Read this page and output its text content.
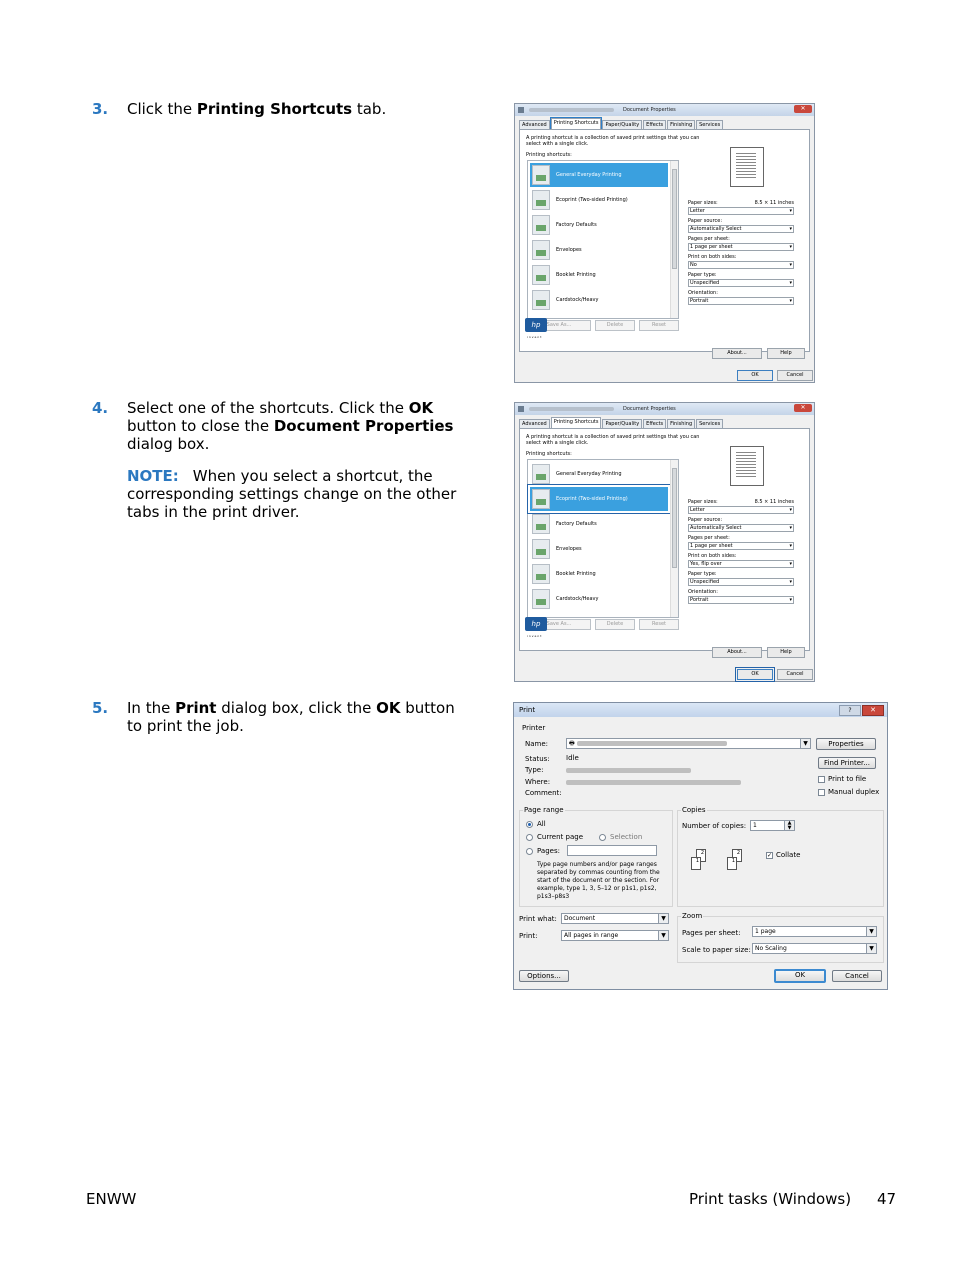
3. Click the Printing Shortcuts tab.
4. Select one of the shortcuts. Click the OK button to close the Document Properties dialog box.
NOTE: When you select a shortcut, the corresponding settings change on the other tabs in the print driver.
5. In the Print dialog box, click the OK button to print the job.
Document Properties	✕
Advanced	Printing Shortcuts	Paper/Quality	Effects	Finishing	Services
A printing shortcut is a collection of saved print settings that you can select with a single click.
Printing shortcuts:
General Everyday Printing
Ecoprint (Two-sided Printing)
Factory Defaults
Envelopes
Booklet Printing
Cardstock/Heavy
Save As...	Delete	Reset
Paper sizes:	8.5 × 11 inches
Letter ▾
Paper source:
Automatically Select ▾
Pages per sheet:
1 page per sheet ▾
Print on both sides:
No ▾
Paper type:
Unspecified ▾
Orientation:
Portrait ▾
hp
invent
About...	Help
OK	Cancel
Document Properties	✕
Advanced	Printing Shortcuts	Paper/Quality	Effects	Finishing	Services
A printing shortcut is a collection of saved print settings that you can select with a single click.
Printing shortcuts:
General Everyday Printing
Ecoprint (Two-sided Printing)
Factory Defaults
Envelopes
Booklet Printing
Cardstock/Heavy
Save As...	Delete	Reset
Paper sizes:	8.5 × 11 inches
Letter ▾
Paper source:
Automatically Select ▾
Pages per sheet:
1 page per sheet ▾
Print on both sides:
Yes, flip over ▾
Paper type:
Unspecified ▾
Orientation:
Portrait ▾
hp
invent
About...	Help
OK	Cancel
Print	?	✕
Printer
Name:	🖶	▼	Properties
Status: Idle
Type:
Where:
Comment:
Find Printer...
Print to file
Manual duplex
Page range
All
Current page	Selection
Pages:
Type page numbers and/or page ranges separated by commas counting from the start of the document or the section. For example, type 1, 3, 5–12 or p1s1, p1s2, p1s3–p8s3
Copies
Number of copies:	1	▲
▼
2
1
2
1
✓ Collate
Print what:	Document	▼
Print:	All pages in range	▼
Zoom
Pages per sheet:	1 page	▼
Scale to paper size: No Scaling	▼
Options...	OK	Cancel
ENWW	Print tasks (Windows) 47
